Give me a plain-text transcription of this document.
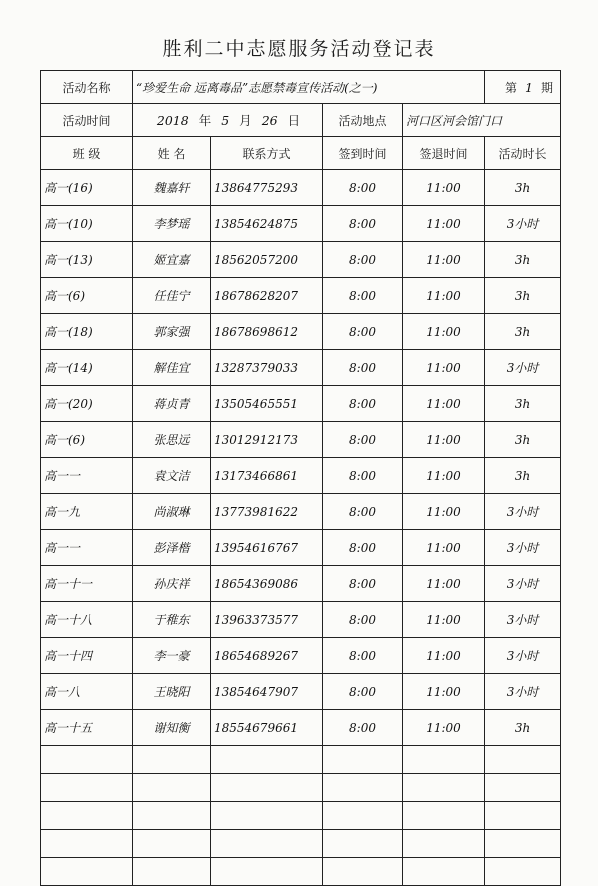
胜利二中志愿服务活动登记表
活动名称	“珍爱生命 远离毒品”志愿禁毒宣传活动(之一)				第 1 期
活动时间	2018 年 5 月 26 日		活动地点	河口区河会馆门口	
班 级	姓 名	联系方式	签到时间	签退时间	活动时长
高一(16)	魏嘉轩	13864775293	8:00	11:00	3h
高一(10)	李梦瑶	13854624875	8:00	11:00	3小时
高一(13)	姬宜嘉	18562057200	8:00	11:00	3h
高一(6)	任佳宁	18678628207	8:00	11:00	3h
高一(18)	郭家强	18678698612	8:00	11:00	3h
高一(14)	解佳宜	13287379033	8:00	11:00	3小时
高一(20)	蒋贞青	13505465551	8:00	11:00	3h
高一(6)	张思远	13012912173	8:00	11:00	3h
高一一	袁文洁	13173466861	8:00	11:00	3h
高一九	尚淑琳	13773981622	8:00	11:00	3小时
高一一	彭泽楷	13954616767	8:00	11:00	3小时
高一十一	孙庆祥	18654369086	8:00	11:00	3小时
高一十八	于稚东	13963373577	8:00	11:00	3小时
高一十四	李一豪	18654689267	8:00	11:00	3小时
高一八	王晓阳	13854647907	8:00	11:00	3小时
高一十五	谢知衡	18554679661	8:00	11:00	3h
